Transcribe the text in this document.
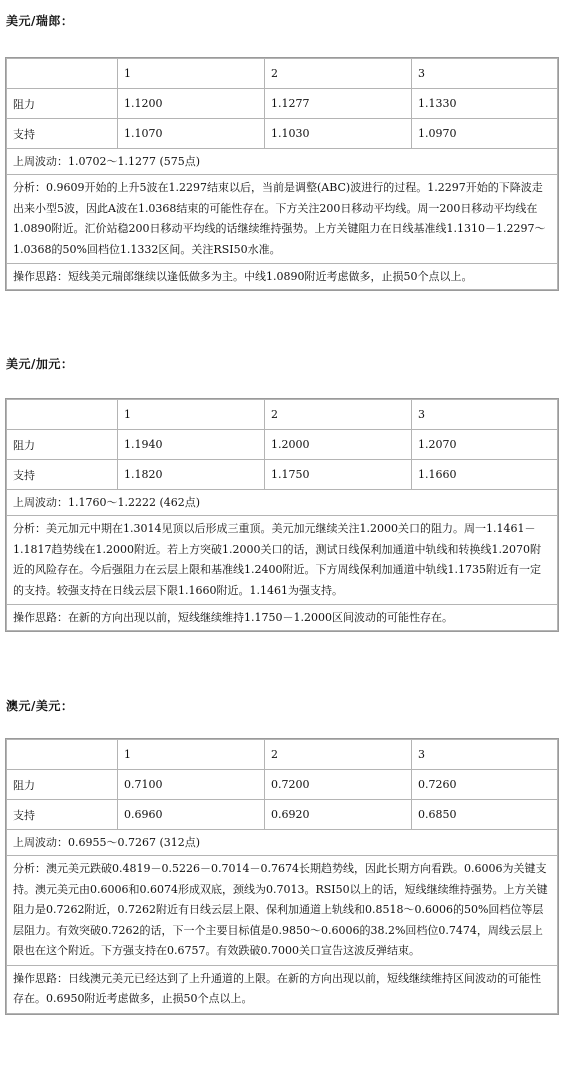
美元/瑞郎：
	1	2	3
阻力	1.1200	1.1277	1.1330
支持	1.1070	1.1030	1.0970
上周波动：1.0702～1.1277 (575点)
分析：0.9609开始的上升5波在1.2297结束以后，当前是调整(ABC)波进行的过程。1.2297开始的下降波走出来小型5波，因此A波在1.0368结束的可能性存在。下方关注200日移动平均线。周一200日移动平均线在1.0890附近。汇价站稳200日移动平均线的话继续维持强势。上方关键阻力在日线基准线1.1310－1.2297～1.0368的50%回档位1.1332区间。关注RSI50水准。
操作思路：短线美元瑞郎继续以逢低做多为主。中线1.0890附近考虑做多，止损50个点以上。
美元/加元：
	1	2	3
阻力	1.1940	1.2000	1.2070
支持	1.1820	1.1750	1.1660
上周波动：1.1760～1.2222 (462点)
分析：美元加元中期在1.3014见顶以后形成三重顶。美元加元继续关注1.2000关口的阻力。周一1.1461－1.1817趋势线在1.2000附近。若上方突破1.2000关口的话，测试日线保利加通道中轨线和转换线1.2070附近的风险存在。今后强阻力在云层上限和基准线1.2400附近。下方周线保利加通道中轨线1.1735附近有一定的支持。较强支持在日线云层下限1.1660附近。1.1461为强支持。
操作思路：在新的方向出现以前，短线继续维持1.1750－1.2000区间波动的可能性存在。
澳元/美元：
	1	2	3
阻力	0.7100	0.7200	0.7260
支持	0.6960	0.6920	0.6850
上周波动：0.6955～0.7267 (312点)
分析：澳元美元跌破0.4819－0.5226－0.7014－0.7674长期趋势线，因此长期方向看跌。0.6006为关键支持。澳元美元由0.6006和0.6074形成双底，颈线为0.7013。RSI50以上的话，短线继续维持强势。上方关键阻力是0.7262附近，0.7262附近有日线云层上限、保利加通道上轨线和0.8518～0.6006的50%回档位等层层阻力。有效突破0.7262的话，下一个主要目标值是0.9850～0.6006的38.2%回档位0.7474，周线云层上限也在这个附近。下方强支持在0.6757。有效跌破0.7000关口宣告这波反弹结束。
操作思路：日线澳元美元已经达到了上升通道的上限。在新的方向出现以前，短线继续维持区间波动的可能性存在。0.6950附近考虑做多，止损50个点以上。
